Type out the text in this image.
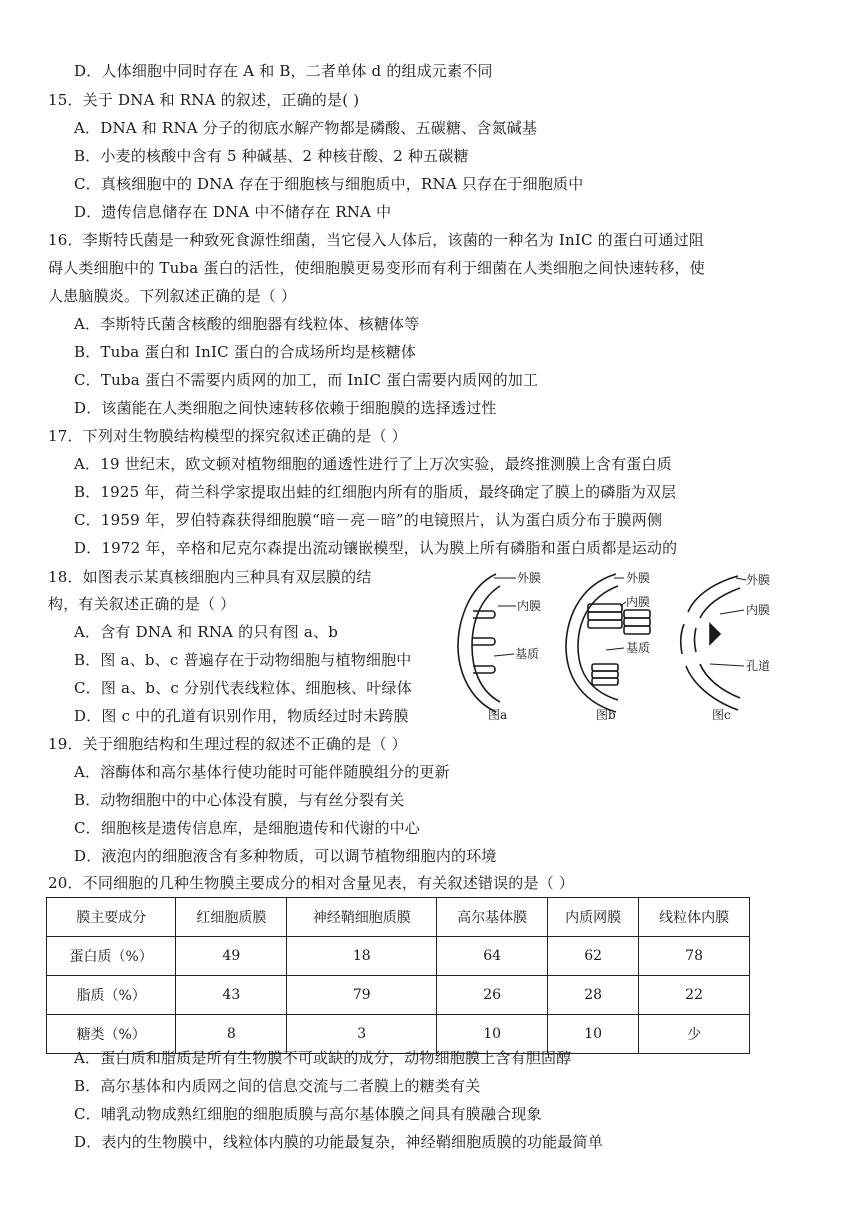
D．人体细胞中同时存在 A 和 B，二者单体 d 的组成元素不同
15．关于 DNA 和 RNA 的叙述，正确的是( )
A．DNA 和 RNA 分子的彻底水解产物都是磷酸、五碳糖、含氮碱基
B．小麦的核酸中含有 5 种碱基、2 种核苷酸、2 种五碳糖
C．真核细胞中的 DNA 存在于细胞核与细胞质中，RNA 只存在于细胞质中
D．遗传信息储存在 DNA 中不储存在 RNA 中
16．李斯特氏菌是一种致死食源性细菌，当它侵入人体后，该菌的一种名为 InIC 的蛋白可通过阻
碍人类细胞中的 Tuba 蛋白的活性，使细胞膜更易变形而有利于细菌在人类细胞之间快速转移，使
人患脑膜炎。下列叙述正确的是（ ）
A．李斯特氏菌含核酸的细胞器有线粒体、核糖体等
B．Tuba 蛋白和 InIC 蛋白的合成场所均是核糖体
C．Tuba 蛋白不需要内质网的加工，而 InIC 蛋白需要内质网的加工
D．该菌能在人类细胞之间快速转移依赖于细胞膜的选择透过性
17．下列对生物膜结构模型的探究叙述正确的是（ ）
A．19 世纪末，欧文顿对植物细胞的通透性进行了上万次实验，最终推测膜上含有蛋白质
B．1925 年，荷兰科学家提取出蛙的红细胞内所有的脂质，最终确定了膜上的磷脂为双层
C．1959 年，罗伯特森获得细胞膜“暗－亮－暗”的电镜照片，认为蛋白质分布于膜两侧
D．1972 年，辛格和尼克尔森提出流动镶嵌模型，认为膜上所有磷脂和蛋白质都是运动的
18．如图表示某真核细胞内三种具有双层膜的结
构，有关叙述正确的是（ ）
A．含有 DNA 和 RNA 的只有图 a、b
B．图 a、b、c 普遍存在于动物细胞与植物细胞中
C．图 a、b、c 分别代表线粒体、细胞核、叶绿体
D．图 c 中的孔道有识别作用，物质经过时未跨膜
外膜
内膜
基质
图a
外膜
内膜
基质
图b
外膜
内膜
孔道
图c
19．关于细胞结构和生理过程的叙述不正确的是（ ）
A．溶酶体和高尔基体行使功能时可能伴随膜组分的更新
B．动物细胞中的中心体没有膜，与有丝分裂有关
C．细胞核是遗传信息库，是细胞遗传和代谢的中心
D．液泡内的细胞液含有多种物质，可以调节植物细胞内的环境
20．不同细胞的几种生物膜主要成分的相对含量见表，有关叙述错误的是（ ）
膜主要成分	红细胞质膜	神经鞘细胞质膜	高尔基体膜	内质网膜	线粒体内膜
蛋白质（%）	49	18	64	62	78
脂质（%）	43	79	26	28	22
糖类（%）	8	3	10	10	少
A．蛋白质和脂质是所有生物膜不可或缺的成分，动物细胞膜上含有胆固醇
B．高尔基体和内质网之间的信息交流与二者膜上的糖类有关
C．哺乳动物成熟红细胞的细胞质膜与高尔基体膜之间具有膜融合现象
D．表内的生物膜中，线粒体内膜的功能最复杂，神经鞘细胞质膜的功能最简单
